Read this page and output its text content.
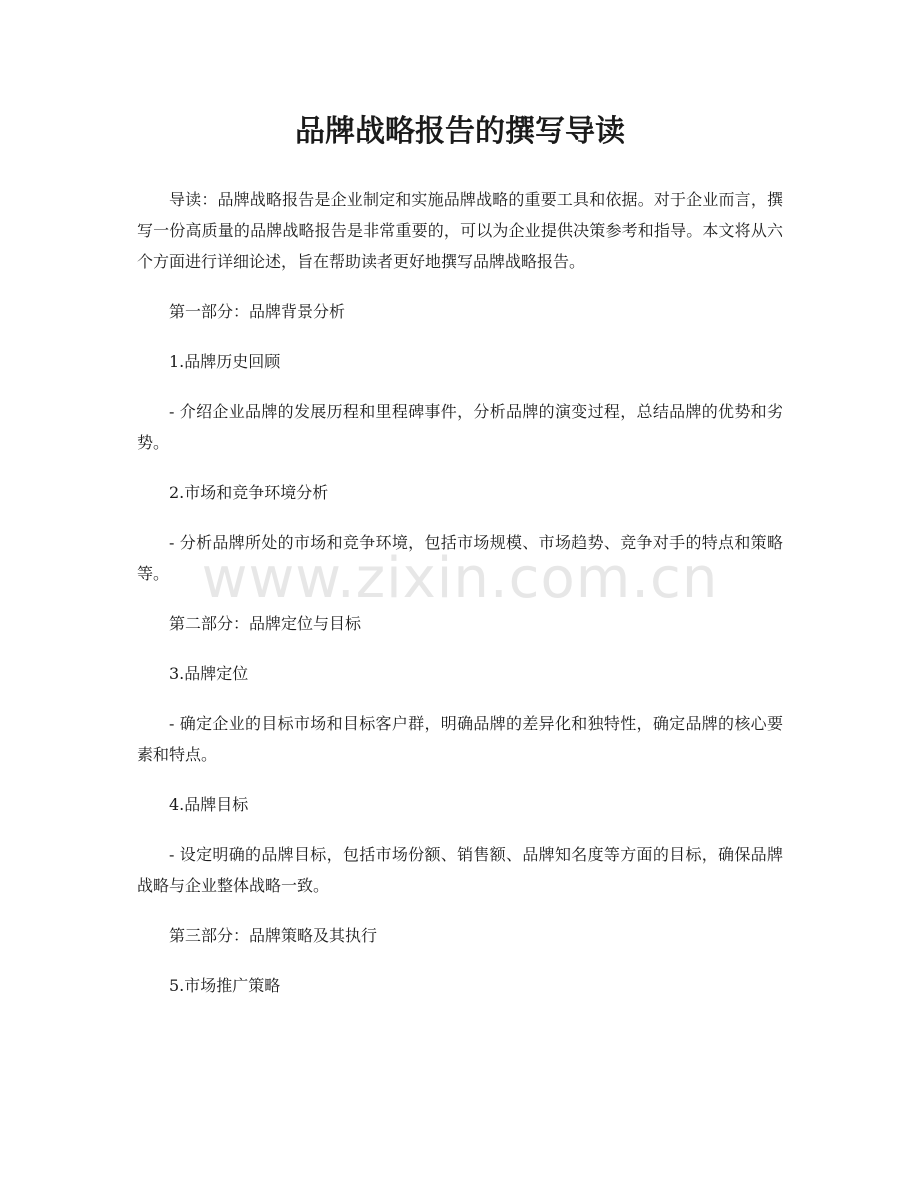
品牌战略报告的撰写导读

导读：品牌战略报告是企业制定和实施品牌战略的重要工具和依据。对于企业而言，撰写一份高质量的品牌战略报告是非常重要的，可以为企业提供决策参考和指导。本文将从六个方面进行详细论述，旨在帮助读者更好地撰写品牌战略报告。

第一部分：品牌背景分析

1.品牌历史回顾

- 介绍企业品牌的发展历程和里程碑事件，分析品牌的演变过程，总结品牌的优势和劣势。

2.市场和竞争环境分析

- 分析品牌所处的市场和竞争环境，包括市场规模、市场趋势、竞争对手的特点和策略等。

第二部分：品牌定位与目标

3.品牌定位

- 确定企业的目标市场和目标客户群，明确品牌的差异化和独特性，确定品牌的核心要素和特点。

4.品牌目标

- 设定明确的品牌目标，包括市场份额、销售额、品牌知名度等方面的目标，确保品牌战略与企业整体战略一致。

第三部分：品牌策略及其执行

5.市场推广策略

www.zixin.com.cn
